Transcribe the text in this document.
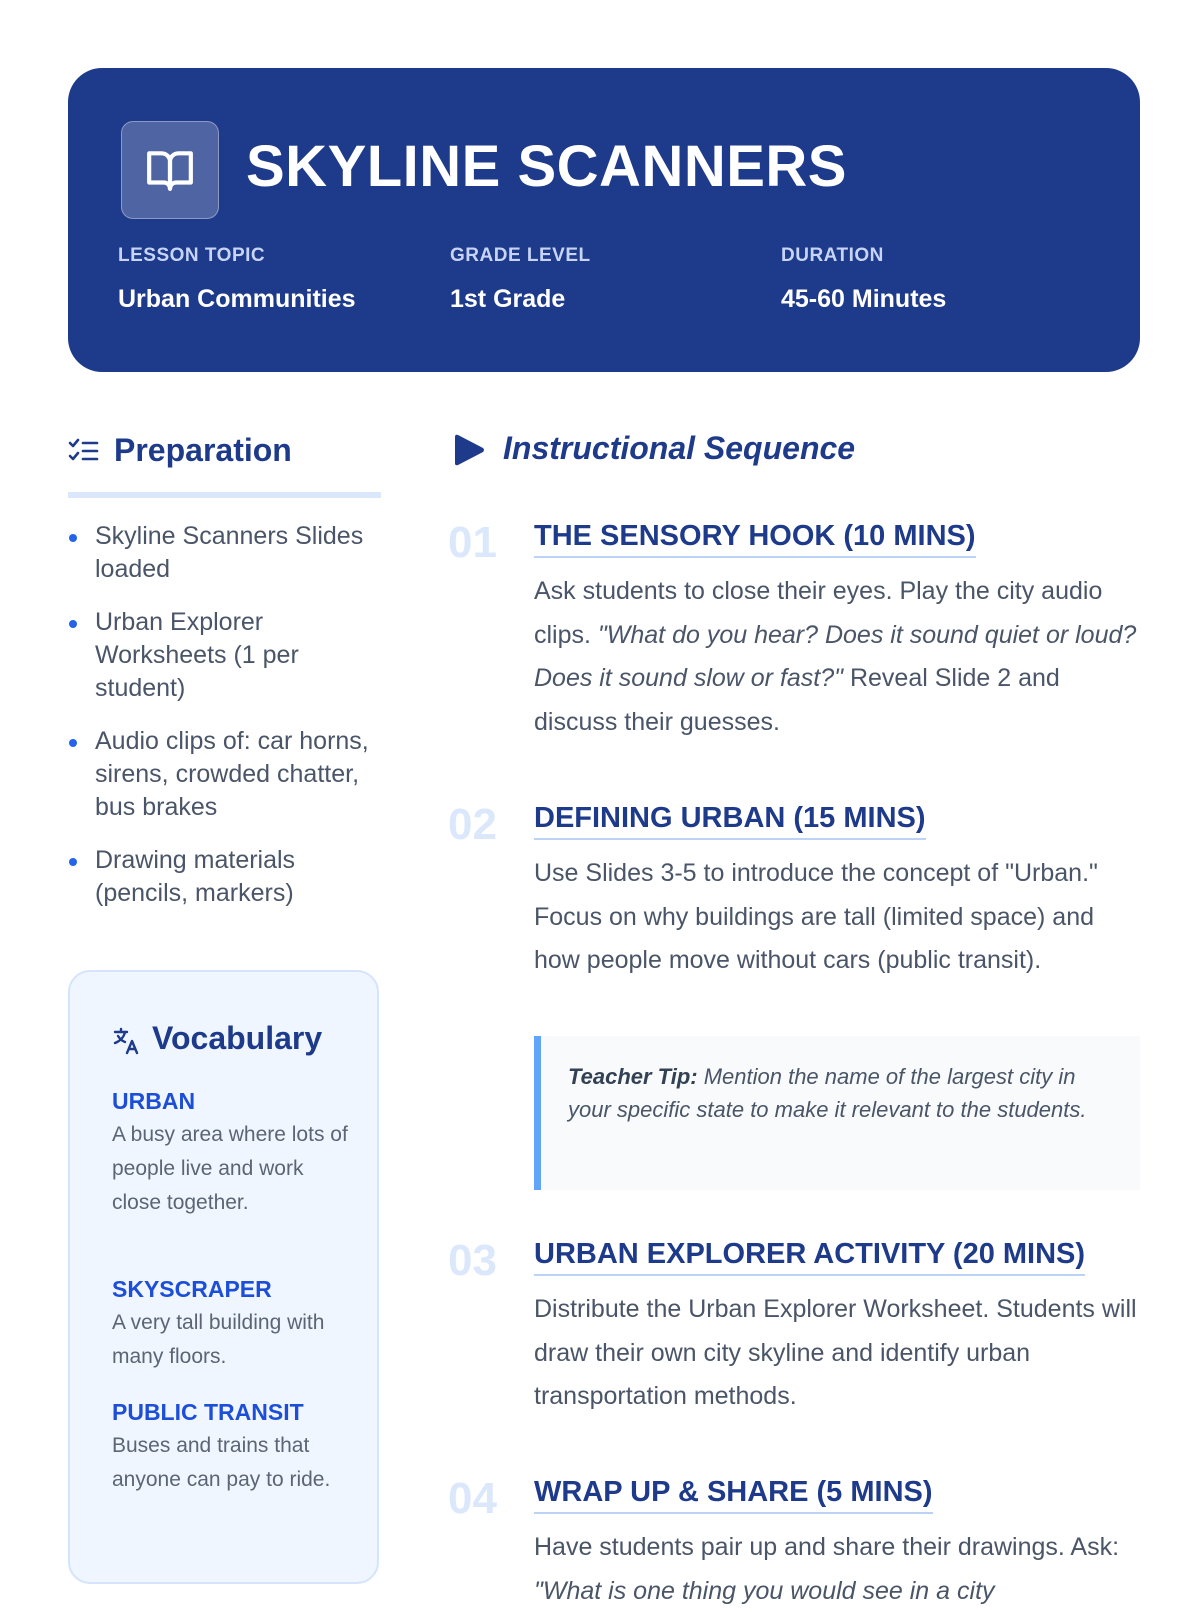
SKYLINE SCANNERS
LESSON TOPIC
Urban Communities
GRADE LEVEL
1st Grade
DURATION
45-60 Minutes
Preparation
Skyline Scanners Slides loaded
Urban Explorer Worksheets (1 per student)
Audio clips of: car horns, sirens, crowded chatter, bus brakes
Drawing materials (pencils, markers)
Vocabulary
URBAN
A busy area where lots of people live and work close together.
SKYSCRAPER
A very tall building with many floors.
PUBLIC TRANSIT
Buses and trains that anyone can pay to ride.
Instructional Sequence
01 THE SENSORY HOOK (10 MINS)

Ask students to close their eyes. Play the city audio clips. "What do you hear? Does it sound quiet or loud? Does it sound slow or fast?" Reveal Slide 2 and discuss their guesses.

02 DEFINING URBAN (15 MINS)

Use Slides 3-5 to introduce the concept of "Urban." Focus on why buildings are tall (limited space) and how people move without cars (public transit).

Teacher Tip: Mention the name of the largest city in your specific state to make it relevant to the students.
03 URBAN EXPLORER ACTIVITY (20 MINS)

Distribute the Urban Explorer Worksheet. Students will draw their own city skyline and identify urban transportation methods.

04 WRAP UP & SHARE (5 MINS)

Have students pair up and share their drawings. Ask: "What is one thing you would see in a city
